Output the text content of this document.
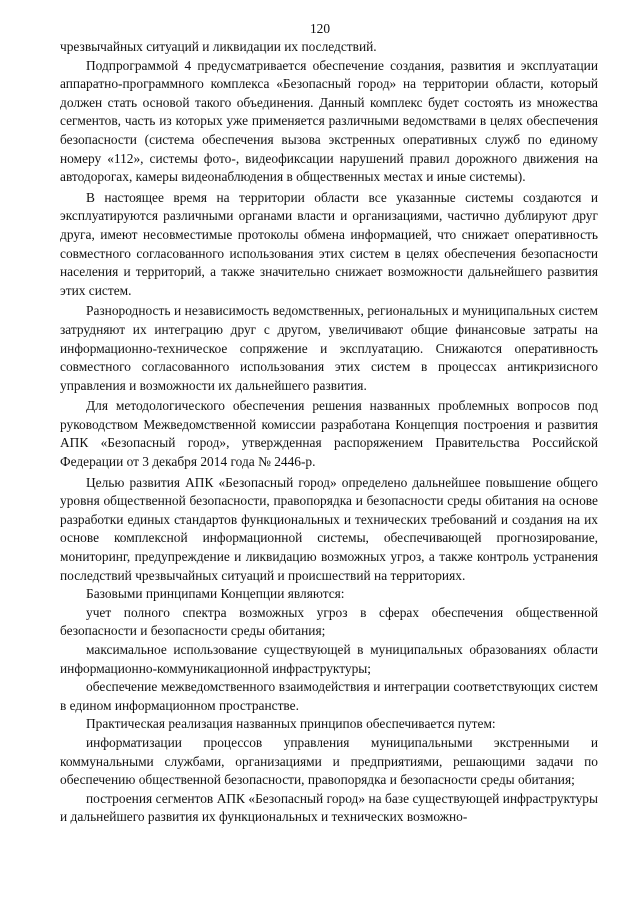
120

чрезвычайных ситуаций и ликвидации их последствий.

Подпрограммой 4 предусматривается обеспечение создания, развития и эксплуатации аппаратно-программного комплекса «Безопасный город» на территории области, который должен стать основой такого объединения. Данный комплекс будет состоять из множества сегментов, часть из которых уже применяется различными ведомствами в целях обеспечения безопасности (система обеспечения вызова экстренных оперативных служб по единому номеру «112», системы фото-, видеофиксации нарушений правил дорожного движения на автодорогах, камеры видеонаблюдения в общественных местах и иные системы).

В настоящее время на территории области все указанные системы создаются и эксплуатируются различными органами власти и организациями, частично дублируют друг друга, имеют несовместимые протоколы обмена информацией, что снижает оперативность совместного согласованного использования этих систем в целях обеспечения безопасности населения и территорий, а также значительно снижает возможности дальнейшего развития этих систем.

Разнородность и независимость ведомственных, региональных и муниципальных систем затрудняют их интеграцию друг с другом, увеличивают общие финансовые затраты на информационно-техническое сопряжение и эксплуатацию. Снижаются оперативность совместного согласованного использования этих систем в процессах антикризисного управления и возможности их дальнейшего развития.

Для методологического обеспечения решения названных проблемных вопросов под руководством Межведомственной комиссии разработана Концепция построения и развития АПК «Безопасный город», утвержденная распоряжением Правительства Российской Федерации от 3 декабря 2014 года № 2446-р.

Целью развития АПК «Безопасный город» определено дальнейшее повышение общего уровня общественной безопасности, правопорядка и безопасности среды обитания на основе разработки единых стандартов функциональных и технических требований и создания на их основе комплексной информационной системы, обеспечивающей прогнозирование, мониторинг, предупреждение и ликвидацию возможных угроз, а также контроль устранения последствий чрезвычайных ситуаций и происшествий на территориях.

Базовыми принципами Концепции являются:

учет полного спектра возможных угроз в сферах обеспечения общественной безопасности и безопасности среды обитания;

максимальное использование существующей в муниципальных образованиях области информационно-коммуникационной инфраструктуры;

обеспечение межведомственного взаимодействия и интеграции соответствующих систем в едином информационном пространстве.

Практическая реализация названных принципов обеспечивается путем:

информатизации процессов управления муниципальными экстренными и коммунальными службами, организациями и предприятиями, решающими задачи по обеспечению общественной безопасности, правопорядка и безопасности среды обитания;

построения сегментов АПК «Безопасный город» на базе существующей инфраструктуры и дальнейшего развития их функциональных и технических возможно-
